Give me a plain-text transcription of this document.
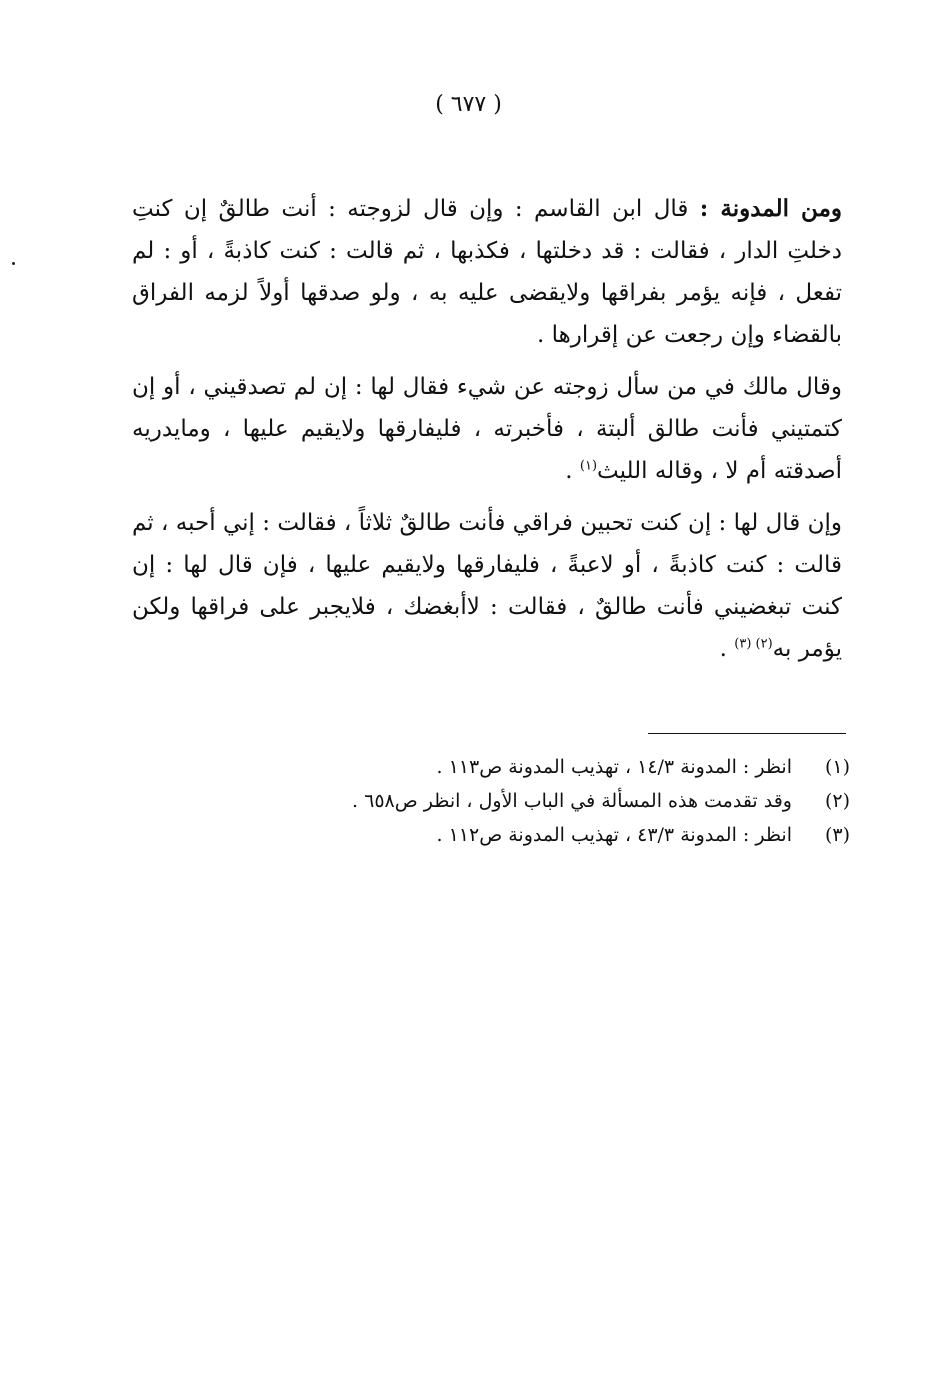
( ٦٧٧ )

ومن المدونة : قال ابن القاسم : وإن قال لزوجته : أنت طالقٌ إن كنتِ دخلتِ الدار ، فقالت : قد دخلتها ، فكذبها ، ثم قالت : كنت كاذبةً ، أو : لم تفعل ، فإنه يؤمر بفراقها ولايقضى عليه به ، ولو صدقها أولاً لزمه الفراق بالقضاء وإن رجعت عن إقرارها .

وقال مالك في من سأل زوجته عن شيء فقال لها : إن لم تصدقيني ، أو إن كتمتيني فأنت طالق ألبتة ، فأخبرته ، فليفارقها ولايقيم عليها ، ومايدريه أصدقته أم لا ، وقاله الليث$^{(١)}$ .

وإن قال لها : إن كنت تحبين فراقي فأنت طالقٌ ثلاثاً ، فقالت : إني أحبه ، ثم قالت : كنت كاذبةً ، أو لاعبةً ، فليفارقها ولايقيم عليها ، فإن قال لها : إن كنت تبغضيني فأنت طالقٌ ، فقالت : لاأبغضك ، فلايجبر على فراقها ولكن يؤمر به$^{(٢) (٣)}$ .

(١)
انظر : المدونة ١٤/٣ ، تهذيب المدونة ص١١٣ .
(٢)
وقد تقدمت هذه المسألة في الباب الأول ، انظر ص٦٥٨ .
(٣)
انظر : المدونة ٤٣/٣ ، تهذيب المدونة ص١١٢ .
